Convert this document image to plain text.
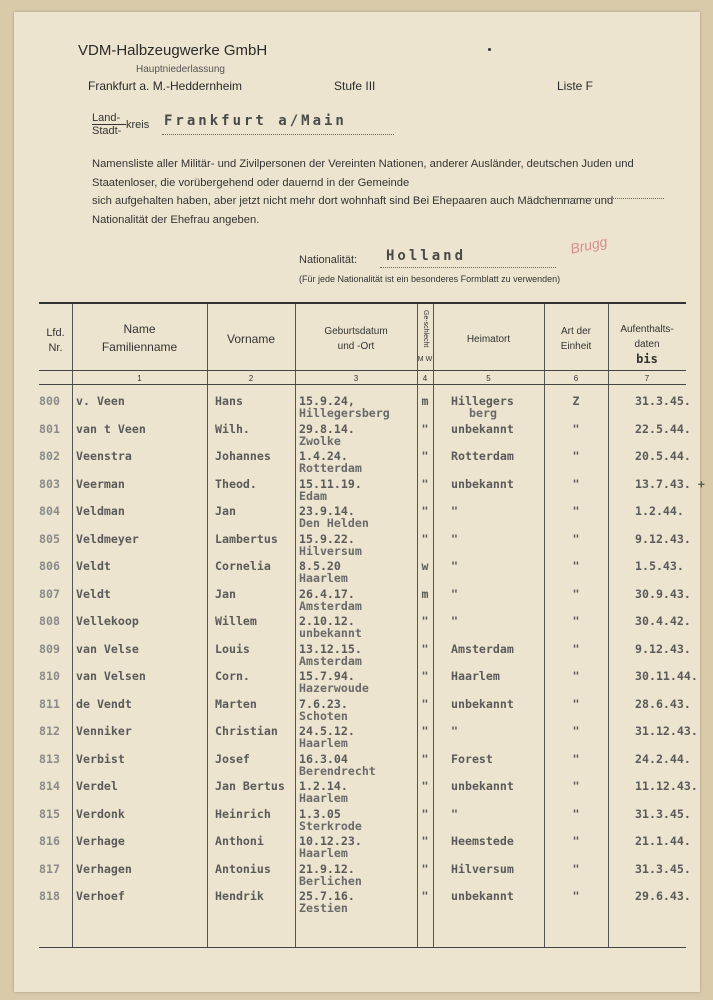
VDM-Halbzeugwerke GmbH
Hauptniederlassung
Frankfurt a. M.-Heddernheim	Stufe III	Liste F
Land-
Stadt- kreis Frankfurt a/Main
Namensliste aller Militär- und Zivilpersonen der Vereinten Nationen, anderer Ausländer, deutschen Juden und Staatenloser, die vorübergehend oder dauernd in der Gemeinde
sich aufgehalten haben, aber jetzt nicht mehr dort wohnhaft sind Bei Ehepaaren auch Mädchenname und Nationalität der Ehefrau angeben.
Nationalität: Holland
(Für jede Nationalität ist ein besonderes Formblatt zu verwenden)
Brugg
Lfd.
Nr.
Name
Familienname
Vorname
Geburtsdatum
und -Ort	Ge-schlecht
M W
Heimatort
Art der
Einheit
Aufenthalts-
daten
bis
1	2	3	4	5	6	7
800 v. Veen	Hans	15.9.24,
Hillegersberg
m	Hillegers
berg
Z	31.3.45.
801 van t Veen	Wilh.	29.8.14.
Zwolke
"	unbekannt	"	22.5.44.
802 Veenstra	Johannes 1.4.24.
Rotterdam
"	Rotterdam	"	20.5.44.
803 Veerman	Theod.	15.11.19.
Edam
"	unbekannt	"	13.7.43. +
804 Veldman	Jan	23.9.14.
Den Helden
"	"	"	1.2.44.
805 Veldmeyer	Lambertus 15.9.22.
Hilversum
"	"	"	9.12.43.
806 Veldt	Cornelia 8.5.20
Haarlem
w	"	"	1.5.43.
807 Veldt	Jan	26.4.17.
Amsterdam
m	"	"	30.9.43.
808 Vellekoop	Willem	2.10.12.
unbekannt
"	"	"	30.4.42.
809 van Velse	Louis	13.12.15.
Amsterdam
"	Amsterdam	"	9.12.43.
810 van Velsen	Corn.	15.7.94.
Hazerwoude
"	Haarlem	"	30.11.44.
811 de Vendt	Marten	7.6.23.
Schoten
"	unbekannt	"	28.6.43.
812 Venniker	Christian 24.5.12.
Haarlem
"	"	"	31.12.43.
813 Verbist	Josef	16.3.04
Berendrecht
"	Forest	"	24.2.44.
814 Verdel	Jan Bertus 1.2.14.
Haarlem
"	unbekannt	"	11.12.43.
815 Verdonk	Heinrich 1.3.05
Sterkrode
"	"	"	31.3.45.
816 Verhage	Anthoni	10.12.23.
Haarlem
"	Heemstede	"	21.1.44.
817 Verhagen	Antonius 21.9.12.
Berlichen
"	Hilversum	"	31.3.45.
818 Verhoef	Hendrik	25.7.16.
Zestien
"	unbekannt	"	29.6.43.
